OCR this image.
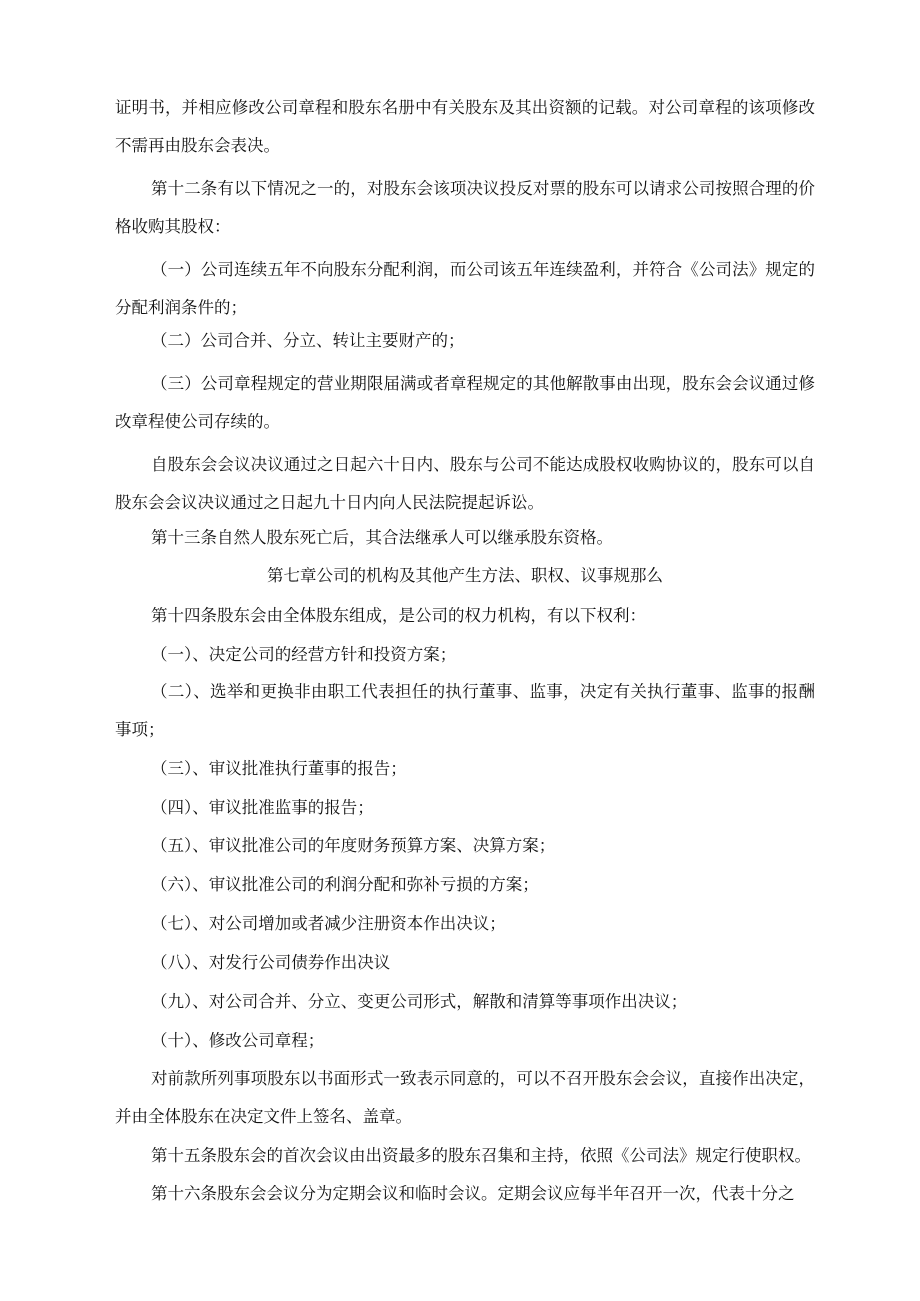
证明书，并相应修改公司章程和股东名册中有关股东及其出资额的记载。对公司章程的该项修改不需再由股东会表决。

第十二条有以下情况之一的，对股东会该项决议投反对票的股东可以请求公司按照合理的价格收购其股权：

（一）公司连续五年不向股东分配利润，而公司该五年连续盈利，并符合《公司法》规定的分配利润条件的；

（二）公司合并、分立、转让主要财产的；

（三）公司章程规定的营业期限届满或者章程规定的其他解散事由出现，股东会会议通过修改章程使公司存续的。

自股东会会议决议通过之日起六十日内、股东与公司不能达成股权收购协议的，股东可以自股东会会议决议通过之日起九十日内向人民法院提起诉讼。

第十三条自然人股东死亡后，其合法继承人可以继承股东资格。

第七章公司的机构及其他产生方法、职权、议事规那么

第十四条股东会由全体股东组成，是公司的权力机构，有以下权利：

（一）、决定公司的经营方针和投资方案；

（二）、选举和更换非由职工代表担任的执行董事、监事，决定有关执行董事、监事的报酬事项；

（三）、审议批准执行董事的报告；

（四）、审议批准监事的报告；

（五）、审议批准公司的年度财务预算方案、决算方案；

（六）、审议批准公司的利润分配和弥补亏损的方案；

（七）、对公司增加或者减少注册资本作出决议；

（八）、对发行公司债券作出决议

（九）、对公司合并、分立、变更公司形式，解散和清算等事项作出决议；

（十）、修改公司章程；

对前款所列事项股东以书面形式一致表示同意的，可以不召开股东会会议，直接作出决定，并由全体股东在决定文件上签名、盖章。

第十五条股东会的首次会议由出资最多的股东召集和主持，依照《公司法》规定行使职权。

第十六条股东会会议分为定期会议和临时会议。定期会议应每半年召开一次，代表十分之
